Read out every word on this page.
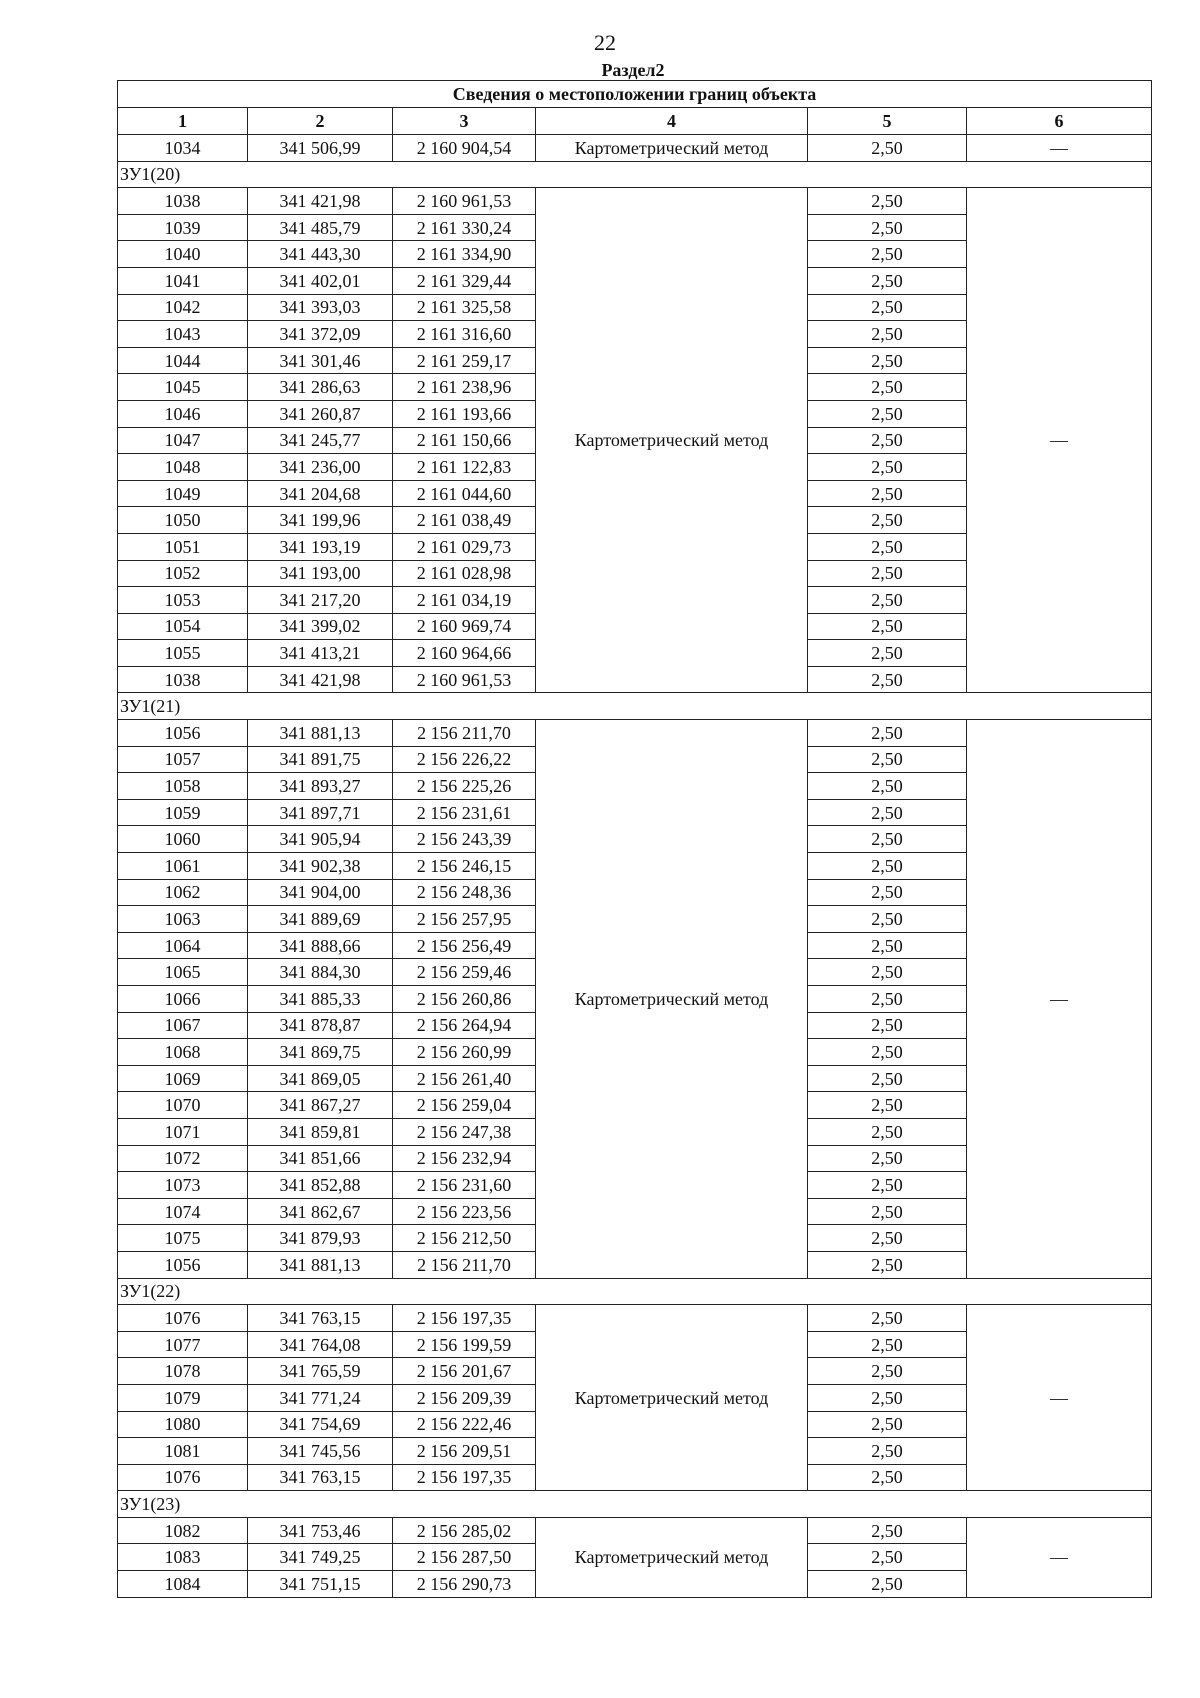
22
Раздел2
Сведения о местоположении границ объекта					
1	2	3	4	5	6
1034	341 506,99	2 160 904,54	Картометрический метод	2,50	—
ЗУ1(20)					
1038	341 421,98	2 160 961,53	Картометрический метод	2,50	—
1039	341 485,79	2 161 330,24		2,50	
1040	341 443,30	2 161 334,90		2,50	
1041	341 402,01	2 161 329,44		2,50	
1042	341 393,03	2 161 325,58		2,50	
1043	341 372,09	2 161 316,60		2,50	
1044	341 301,46	2 161 259,17		2,50	
1045	341 286,63	2 161 238,96		2,50	
1046	341 260,87	2 161 193,66		2,50	
1047	341 245,77	2 161 150,66		2,50	
1048	341 236,00	2 161 122,83		2,50	
1049	341 204,68	2 161 044,60		2,50	
1050	341 199,96	2 161 038,49		2,50	
1051	341 193,19	2 161 029,73		2,50	
1052	341 193,00	2 161 028,98		2,50	
1053	341 217,20	2 161 034,19		2,50	
1054	341 399,02	2 160 969,74		2,50	
1055	341 413,21	2 160 964,66		2,50	
1038	341 421,98	2 160 961,53		2,50	
ЗУ1(21)					
1056	341 881,13	2 156 211,70	Картометрический метод	2,50	—
1057	341 891,75	2 156 226,22		2,50	
1058	341 893,27	2 156 225,26		2,50	
1059	341 897,71	2 156 231,61		2,50	
1060	341 905,94	2 156 243,39		2,50	
1061	341 902,38	2 156 246,15		2,50	
1062	341 904,00	2 156 248,36		2,50	
1063	341 889,69	2 156 257,95		2,50	
1064	341 888,66	2 156 256,49		2,50	
1065	341 884,30	2 156 259,46		2,50	
1066	341 885,33	2 156 260,86		2,50	
1067	341 878,87	2 156 264,94		2,50	
1068	341 869,75	2 156 260,99		2,50	
1069	341 869,05	2 156 261,40		2,50	
1070	341 867,27	2 156 259,04		2,50	
1071	341 859,81	2 156 247,38		2,50	
1072	341 851,66	2 156 232,94		2,50	
1073	341 852,88	2 156 231,60		2,50	
1074	341 862,67	2 156 223,56		2,50	
1075	341 879,93	2 156 212,50		2,50	
1056	341 881,13	2 156 211,70		2,50	
ЗУ1(22)					
1076	341 763,15	2 156 197,35	Картометрический метод	2,50	—
1077	341 764,08	2 156 199,59		2,50	
1078	341 765,59	2 156 201,67		2,50	
1079	341 771,24	2 156 209,39		2,50	
1080	341 754,69	2 156 222,46		2,50	
1081	341 745,56	2 156 209,51		2,50	
1076	341 763,15	2 156 197,35		2,50	
ЗУ1(23)					
1082	341 753,46	2 156 285,02	Картометрический метод	2,50	—
1083	341 749,25	2 156 287,50		2,50	
1084	341 751,15	2 156 290,73		2,50	
